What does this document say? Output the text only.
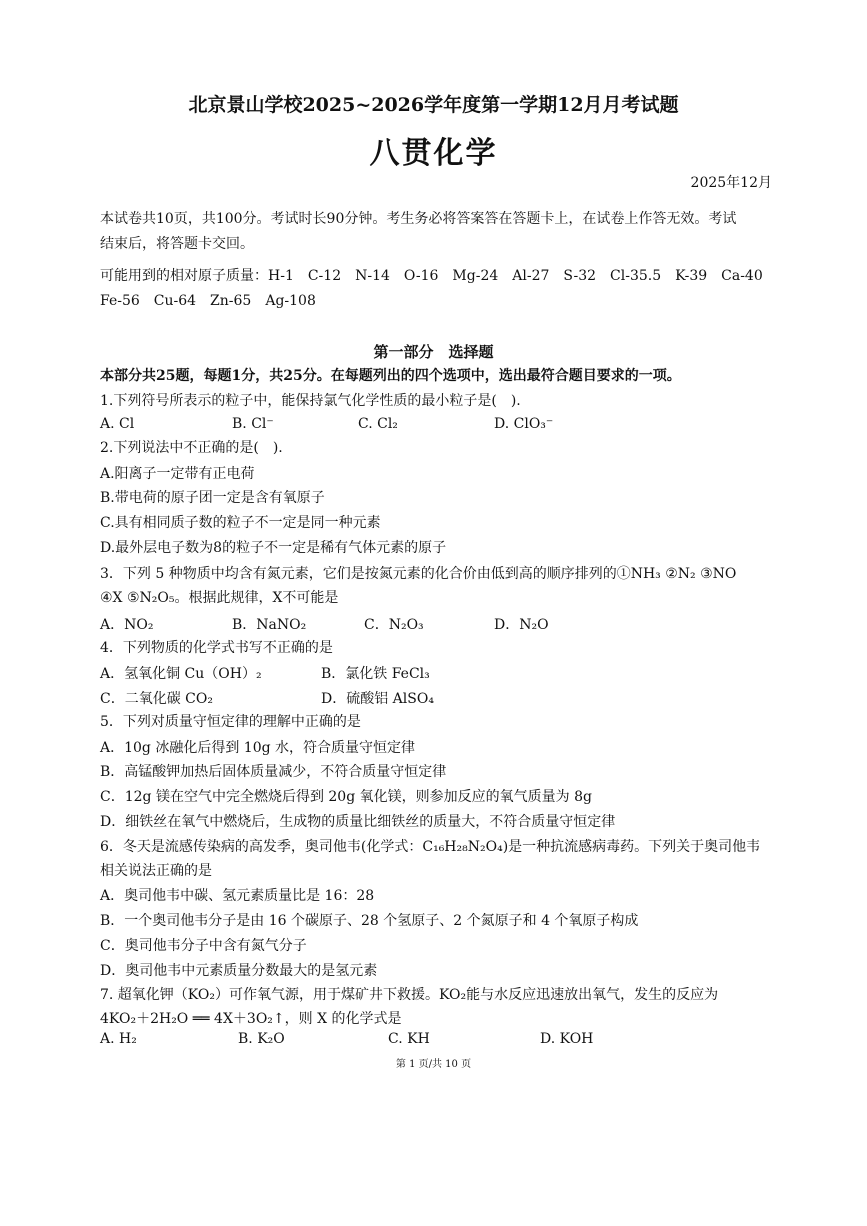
北京景山学校2025~2026学年度第一学期12月月考试题
八贯化学
2025年12月
本试卷共10页，共100分。考试时长90分钟。考生务必将答案答在答题卡上，在试卷上作答无效。考试
结束后，将答题卡交回。
可能用到的相对原子质量：H-1　C-12　N-14　O-16　Mg-24　Al-27　S-32　Cl-35.5　K-39　Ca-40
Fe-56　Cu-64　Zn-65　Ag-108
第一部分　选择题
本部分共25题，每题1分，共25分。在每题列出的四个选项中，选出最符合题目要求的一项。
1.下列符号所表示的粒子中，能保持氯气化学性质的最小粒子是(　).
A. Cl	B. Cl⁻	C. Cl₂	D. ClO₃⁻
2.下列说法中不正确的是(　).
A.阳离子一定带有正电荷
B.带电荷的原子团一定是含有氧原子
C.具有相同质子数的粒子不一定是同一种元素
D.最外层电子数为8的粒子不一定是稀有气体元素的原子
3．下列 5 种物质中均含有氮元素，它们是按氮元素的化合价由低到高的顺序排列的①NH₃ ②N₂ ③NO
④X ⑤N₂O₅。根据此规律，X不可能是
A．NO₂	B．NaNO₂	C．N₂O₃	D．N₂O
4．下列物质的化学式书写不正确的是
A．氢氧化铜 Cu（OH）₂	B．氯化铁 FeCl₃
C．二氧化碳 CO₂	D．硫酸铝 AlSO₄
5．下列对质量守恒定律的理解中正确的是
A．10g 冰融化后得到 10g 水，符合质量守恒定律
B．高锰酸钾加热后固体质量减少，不符合质量守恒定律
C．12g 镁在空气中完全燃烧后得到 20g 氧化镁，则参加反应的氧气质量为 8g
D．细铁丝在氧气中燃烧后，生成物的质量比细铁丝的质量大，不符合质量守恒定律
6．冬天是流感传染病的高发季，奥司他韦(化学式：C₁₆H₂₈N₂O₄)是一种抗流感病毒药。下列关于奥司他韦
相关说法正确的是
A．奥司他韦中碳、氢元素质量比是 16：28
B．一个奥司他韦分子是由 16 个碳原子、28 个氢原子、2 个氮原子和 4 个氧原子构成
C．奥司他韦分子中含有氮气分子
D．奥司他韦中元素质量分数最大的是氢元素
7. 超氧化钾（KO₂）可作氧气源，用于煤矿井下救援。KO₂能与水反应迅速放出氧气，发生的反应为
4KO₂＋2H₂O ══ 4X＋3O₂↑，则 X 的化学式是
A. H₂	B. K₂O	C. KH	D. KOH
第 1 页/共 10 页
